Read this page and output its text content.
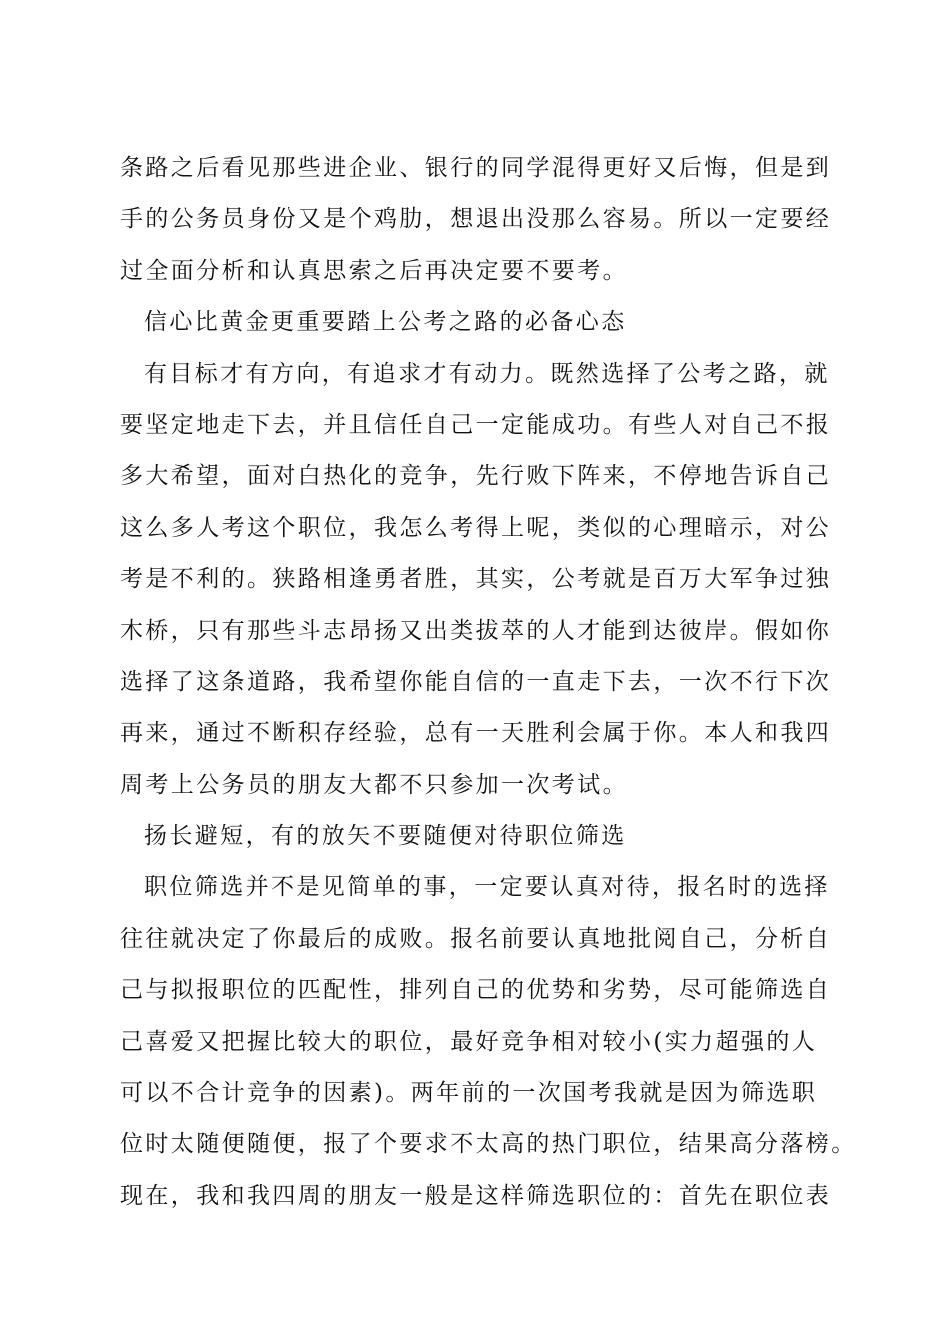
条路之后看见那些进企业、银行的同学混得更好又后悔，但是到
手的公务员身份又是个鸡肋，想退出没那么容易。所以一定要经
过全面分析和认真思索之后再决定要不要考。
信心比黄金更重要踏上公考之路的必备心态
有目标才有方向，有追求才有动力。既然选择了公考之路，就
要坚定地走下去，并且信任自己一定能成功。有些人对自己不报
多大希望，面对白热化的竞争，先行败下阵来，不停地告诉自己
这么多人考这个职位，我怎么考得上呢，类似的心理暗示，对公
考是不利的。狭路相逢勇者胜，其实，公考就是百万大军争过独
木桥，只有那些斗志昂扬又出类拔萃的人才能到达彼岸。假如你
选择了这条道路，我希望你能自信的一直走下去，一次不行下次
再来，通过不断积存经验，总有一天胜利会属于你。本人和我四
周考上公务员的朋友大都不只参加一次考试。
扬长避短，有的放矢不要随便对待职位筛选
职位筛选并不是见简单的事，一定要认真对待，报名时的选择
往往就决定了你最后的成败。报名前要认真地批阅自己，分析自
己与拟报职位的匹配性，排列自己的优势和劣势，尽可能筛选自
己喜爱又把握比较大的职位，最好竞争相对较小(实力超强的人
可以不合计竞争的因素)。两年前的一次国考我就是因为筛选职
位时太随便随便，报了个要求不太高的热门职位，结果高分落榜。
现在，我和我四周的朋友一般是这样筛选职位的：首先在职位表
